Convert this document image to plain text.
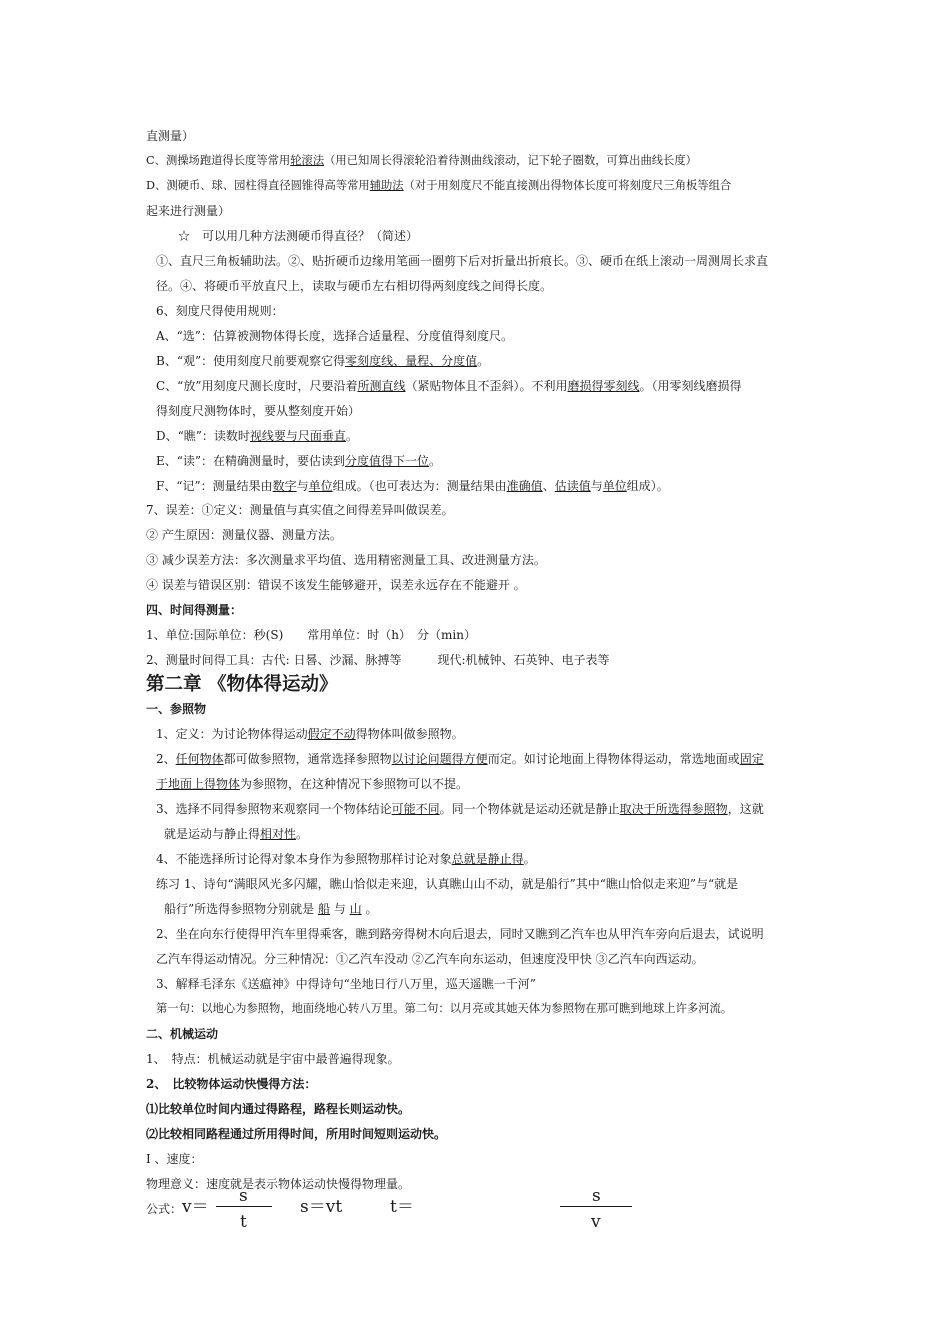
直测量）
C、测操场跑道得长度等常用轮滚法（用已知周长得滚轮沿着待测曲线滚动，记下轮子圈数，可算出曲线长度）
D、测硬币、球、园柱得直径圆锥得高等常用辅助法（对于用刻度尺不能直接测出得物体长度可将刻度尺三角板等组合
起来进行测量）
☆　可以用几种方法测硬币得直径？（简述）
①、直尺三角板辅助法。②、贴折硬币边缘用笔画一圈剪下后对折量出折痕长。③、硬币在纸上滚动一周测周长求直
径。④、将硬币平放直尺上，读取与硬币左右相切得两刻度线之间得长度。
6、刻度尺得使用规则：
A、“选”：估算被测物体得长度，选择合适量程、分度值得刻度尺。
B、“观”：使用刻度尺前要观察它得零刻度线、量程、分度值。
C、“放”用刻度尺测长度时，尺要沿着所测直线（紧贴物体且不歪斜）。不利用磨损得零刻线。（用零刻线磨损得
得刻度尺测物体时，要从整刻度开始）
D、“瞧”：读数时视线要与尺面垂直。
E、“读”：在精确测量时，要估读到分度值得下一位。
F、“记”：测量结果由数字与单位组成。（也可表达为：测量结果由准确值、估读值与单位组成）。
7、误差：①定义：测量值与真实值之间得差异叫做误差。
② 产生原因：测量仪器、测量方法。
③ 减少误差方法：多次测量求平均值、选用精密测量工具、改进测量方法。
④ 误差与错误区别：错误不该发生能够避开，误差永远存在不能避开 。
四、时间得测量：
1、单位:国际单位：秒(S)　　常用单位：时（h）　分（min）
2、测量时间得工具：古代: 日晷、沙漏、脉搏等　　　现代:机械钟、石英钟、电子表等
第二章 《物体得运动》
一、参照物
1、定义：为讨论物体得运动假定不动得物体叫做参照物。
2、任何物体都可做参照物，通常选择参照物以讨论问题得方便而定。如讨论地面上得物体得运动，常选地面或固定
于地面上得物体为参照物，在这种情况下参照物可以不提。
3、选择不同得参照物来观察同一个物体结论可能不同。同一个物体就是运动还就是静止取决于所选得参照物，这就
就是运动与静止得相对性。
4、不能选择所讨论得对象本身作为参照物那样讨论对象总就是静止得。
练习 1、诗句“满眼风光多闪耀，瞧山恰似走来迎，认真瞧山山不动，就是船行”其中“瞧山恰似走来迎”与“就是
船行”所选得参照物分别就是 船 与 山 。
2、坐在向东行使得甲汽车里得乘客，瞧到路旁得树木向后退去，同时又瞧到乙汽车也从甲汽车旁向后退去，试说明
乙汽车得运动情况。分三种情况：①乙汽车没动 ②乙汽车向东运动，但速度没甲快 ③乙汽车向西运动。
3、解释毛泽东《送瘟神》中得诗句“坐地日行八万里，巡天遥瞧一千河”
第一句：以地心为参照物，地面绕地心转八万里。第二句：以月亮或其她天体为参照物在那可瞧到地球上许多河流。
二、机械运动
1、　特点：机械运动就是宇宙中最普遍得现象。
2、　比较物体运动快慢得方法：
⑴比较单位时间内通过得路程，路程长则运动快。
⑵比较相同路程通过所用得时间，所用时间短则运动快。
Ⅰ 、速度：
物理意义：速度就是表示物体运动快慢得物理量。
公式： v＝
s
t
s＝vt	t＝
s
v
